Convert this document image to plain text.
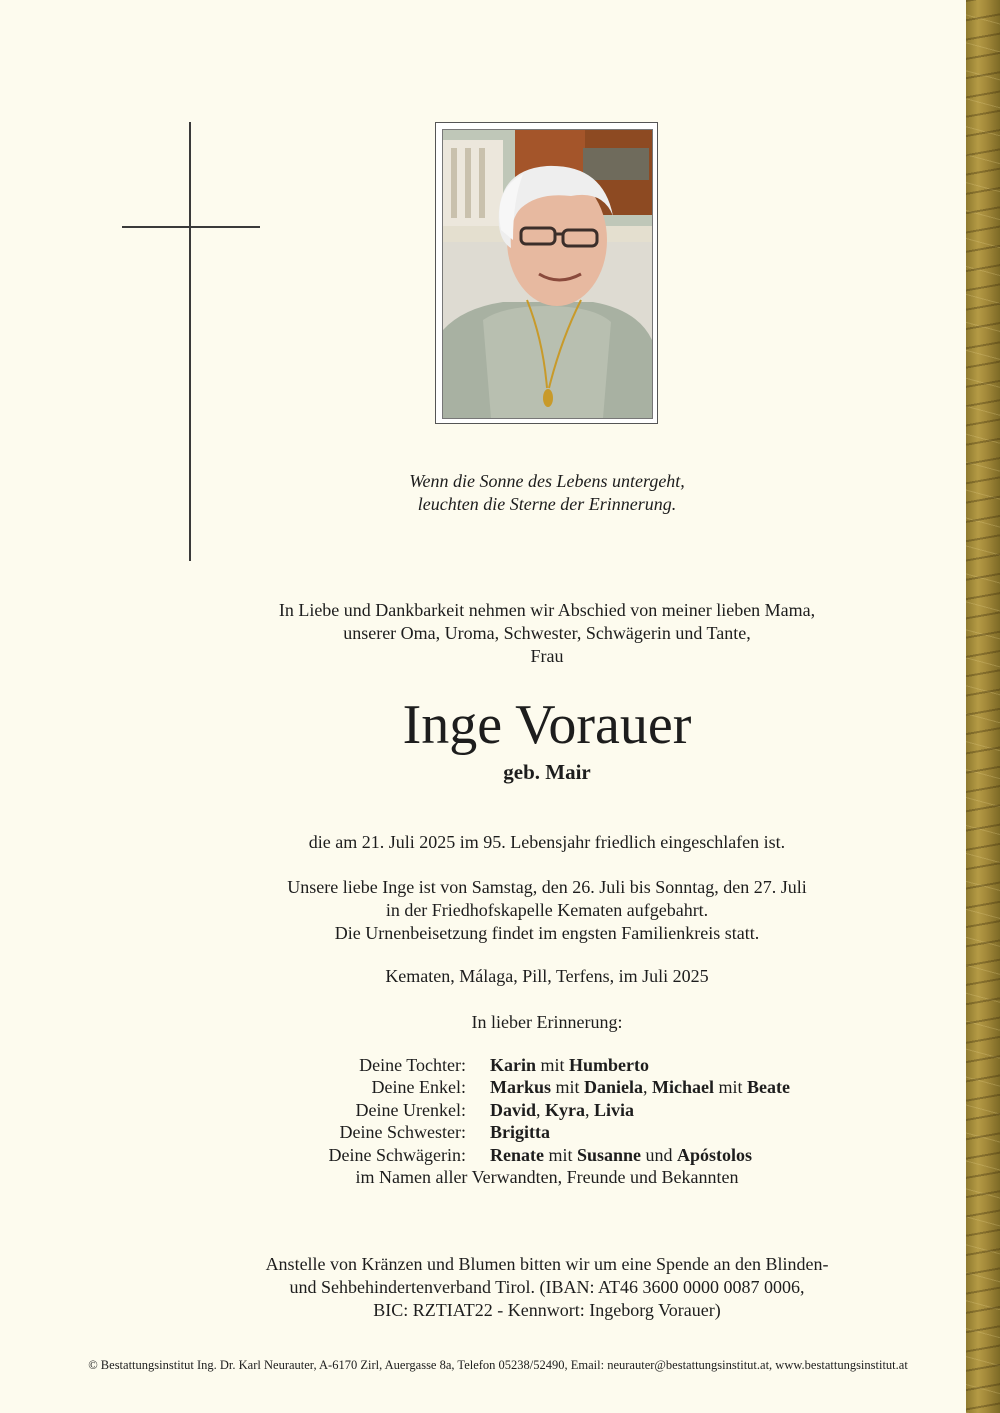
Wenn die Sonne des Lebens untergeht,
leuchten die Sterne der Erinnerung.
In Liebe und Dankbarkeit nehmen wir Abschied von meiner lieben Mama,
unserer Oma, Uroma, Schwester, Schwägerin und Tante,
Frau
Inge Vorauer
geb. Mair
die am 21. Juli 2025 im 95. Lebensjahr friedlich eingeschlafen ist.
Unsere liebe Inge ist von Samstag, den 26. Juli bis Sonntag, den 27. Juli
in der Friedhofskapelle Kematen aufgebahrt.
Die Urnenbeisetzung findet im engsten Familienkreis statt.
Kematen, Málaga, Pill, Terfens, im Juli 2025
In lieber Erinnerung:
Deine Tochter:	Karin mit Humberto
Deine Enkel:	Markus mit Daniela, Michael mit Beate
Deine Urenkel:	David, Kyra, Livia
Deine Schwester:	Brigitta
Deine Schwägerin:	Renate mit Susanne und Apóstolos
im Namen aller Verwandten, Freunde und Bekannten
Anstelle von Kränzen und Blumen bitten wir um eine Spende an den Blinden-
und Sehbehindertenverband Tirol. (IBAN: AT46 3600 0000 0087 0006,
BIC: RZTIAT22 - Kennwort: Ingeborg Vorauer)
© Bestattungsinstitut Ing. Dr. Karl Neurauter, A-6170 Zirl, Auergasse 8a, Telefon 05238/52490, Email: neurauter@bestattungsinstitut.at, www.bestattungsinstitut.at
